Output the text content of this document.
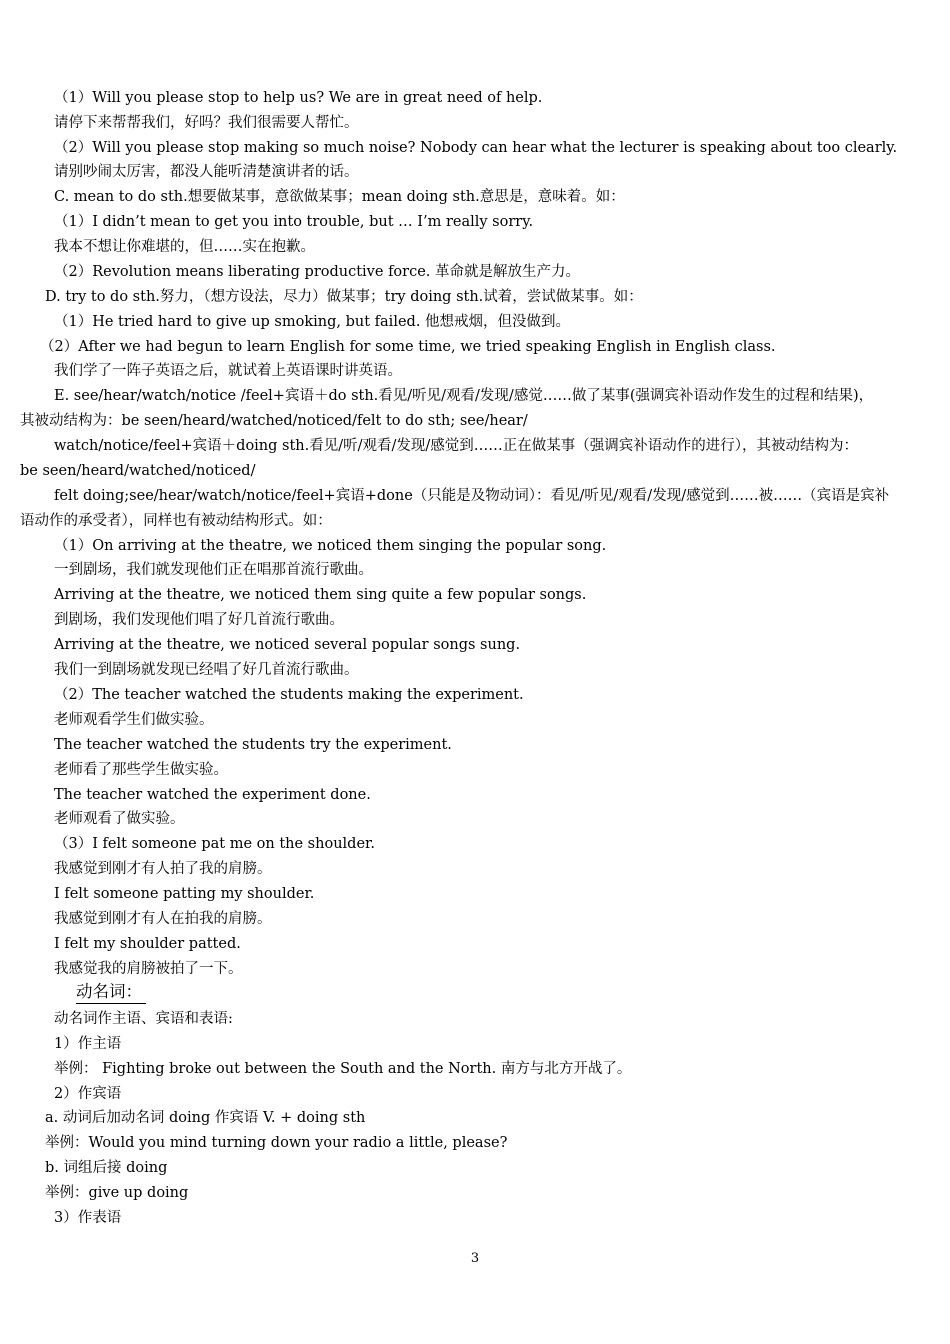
（1）Will you please stop to help us? We are in great need of help.
请停下来帮帮我们，好吗？我们很需要人帮忙。
（2）Will you please stop making so much noise? Nobody can hear what the lecturer is speaking about too clearly.
请别吵闹太厉害，都没人能听清楚演讲者的话。
C. mean to do sth.想要做某事，意欲做某事；mean doing sth.意思是，意味着。如：
（1）I didn’t mean to get you into trouble, but … I’m really sorry.
我本不想让你难堪的，但……实在抱歉。
（2）Revolution means liberating productive force. 革命就是解放生产力。
D. try to do sth.努力，（想方设法，尽力）做某事；try doing sth.试着，尝试做某事。如：
（1）He tried hard to give up smoking, but failed. 他想戒烟，但没做到。
（2）After we had begun to learn English for some time, we tried speaking English in English class.
我们学了一阵子英语之后，就试着上英语课时讲英语。
E. see/hear/watch/notice /feel+宾语＋do sth.看见/听见/观看/发现/感觉……做了某事(强调宾补语动作发生的过程和结果)，
其被动结构为：be seen/heard/watched/noticed/felt to do sth; see/hear/
watch/notice/feel+宾语＋doing sth.看见/听/观看/发现/感觉到……正在做某事（强调宾补语动作的进行），其被动结构为：
be seen/heard/watched/noticed/
felt doing;see/hear/watch/notice/feel+宾语+done（只能是及物动词）：看见/听见/观看/发现/感觉到……被……（宾语是宾补
语动作的承受者），同样也有被动结构形式。如：
（1）On arriving at the theatre, we noticed them singing the popular song.
一到剧场，我们就发现他们正在唱那首流行歌曲。
Arriving at the theatre, we noticed them sing quite a few popular songs.
到剧场，我们发现他们唱了好几首流行歌曲。
Arriving at the theatre, we noticed several popular songs sung.
我们一到剧场就发现已经唱了好几首流行歌曲。
（2）The teacher watched the students making the experiment.
老师观看学生们做实验。
The teacher watched the students try the experiment.
老师看了那些学生做实验。
The teacher watched the experiment done.
老师观看了做实验。
（3）I felt someone pat me on the shoulder.
我感觉到刚才有人拍了我的肩膀。
I felt someone patting my shoulder.
我感觉到刚才有人在拍我的肩膀。
I felt my shoulder patted.
我感觉我的肩膀被拍了一下。
动名词：
动名词作主语、宾语和表语:
1）作主语
举例： Fighting broke out between the South and the North. 南方与北方开战了。
2）作宾语
a. 动词后加动名词 doing 作宾语 V. + doing sth
举例：Would you mind turning down your radio a little, please?
b. 词组后接 doing
举例：give up doing
3）作表语
3
